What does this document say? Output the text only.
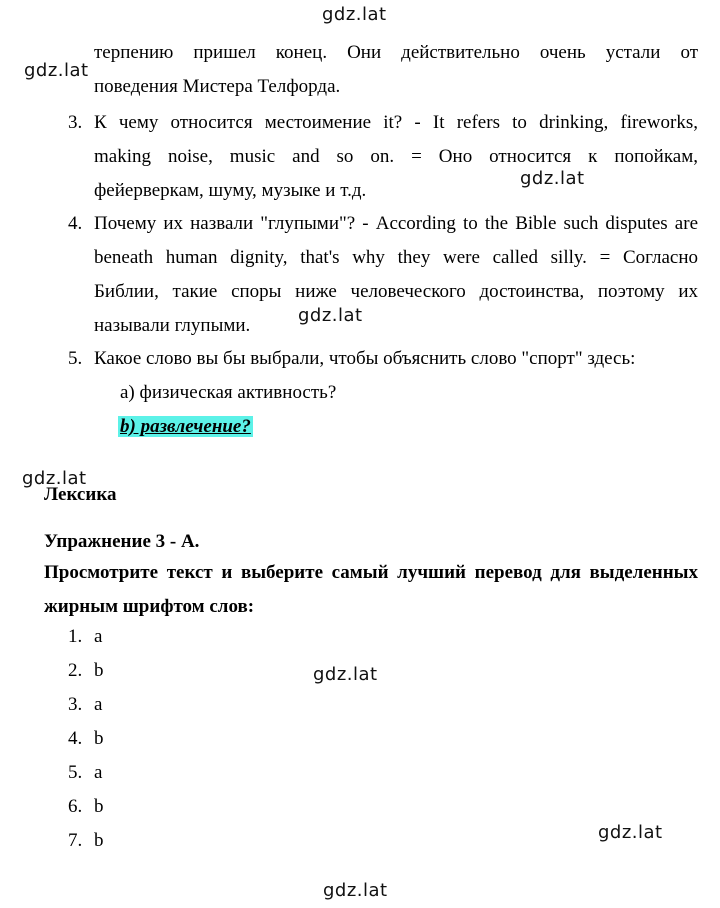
gdz.lat
gdz.lat
gdz.lat
gdz.lat
gdz.lat
gdz.lat
gdz.lat
gdz.lat
терпению пришел конец. Они действительно очень устали от
поведения Мистера Телфорда.
3. К чему относится местоимение it? - It refers to drinking, fireworks,
making noise, music and so on. = Оно относится к попойкам,
фейерверкам, шуму, музыке и т.д.
4. Почему их назвали "глупыми"? - According to the Bible such disputes are
beneath human dignity, that's why they were called silly. = Согласно
Библии, такие споры ниже человеческого достоинства, поэтому их
называли глупыми.
5. Какое слово вы бы выбрали, чтобы объяснить слово "спорт" здесь:
a) физическая активность?
b) развлечение?
Лексика
Упражнение 3 - А.
Просмотрите текст и выберите самый лучший перевод для выделенных
жирным шрифтом слов:
1. a
2. b
3. a
4. b
5. a
6. b
7. b
